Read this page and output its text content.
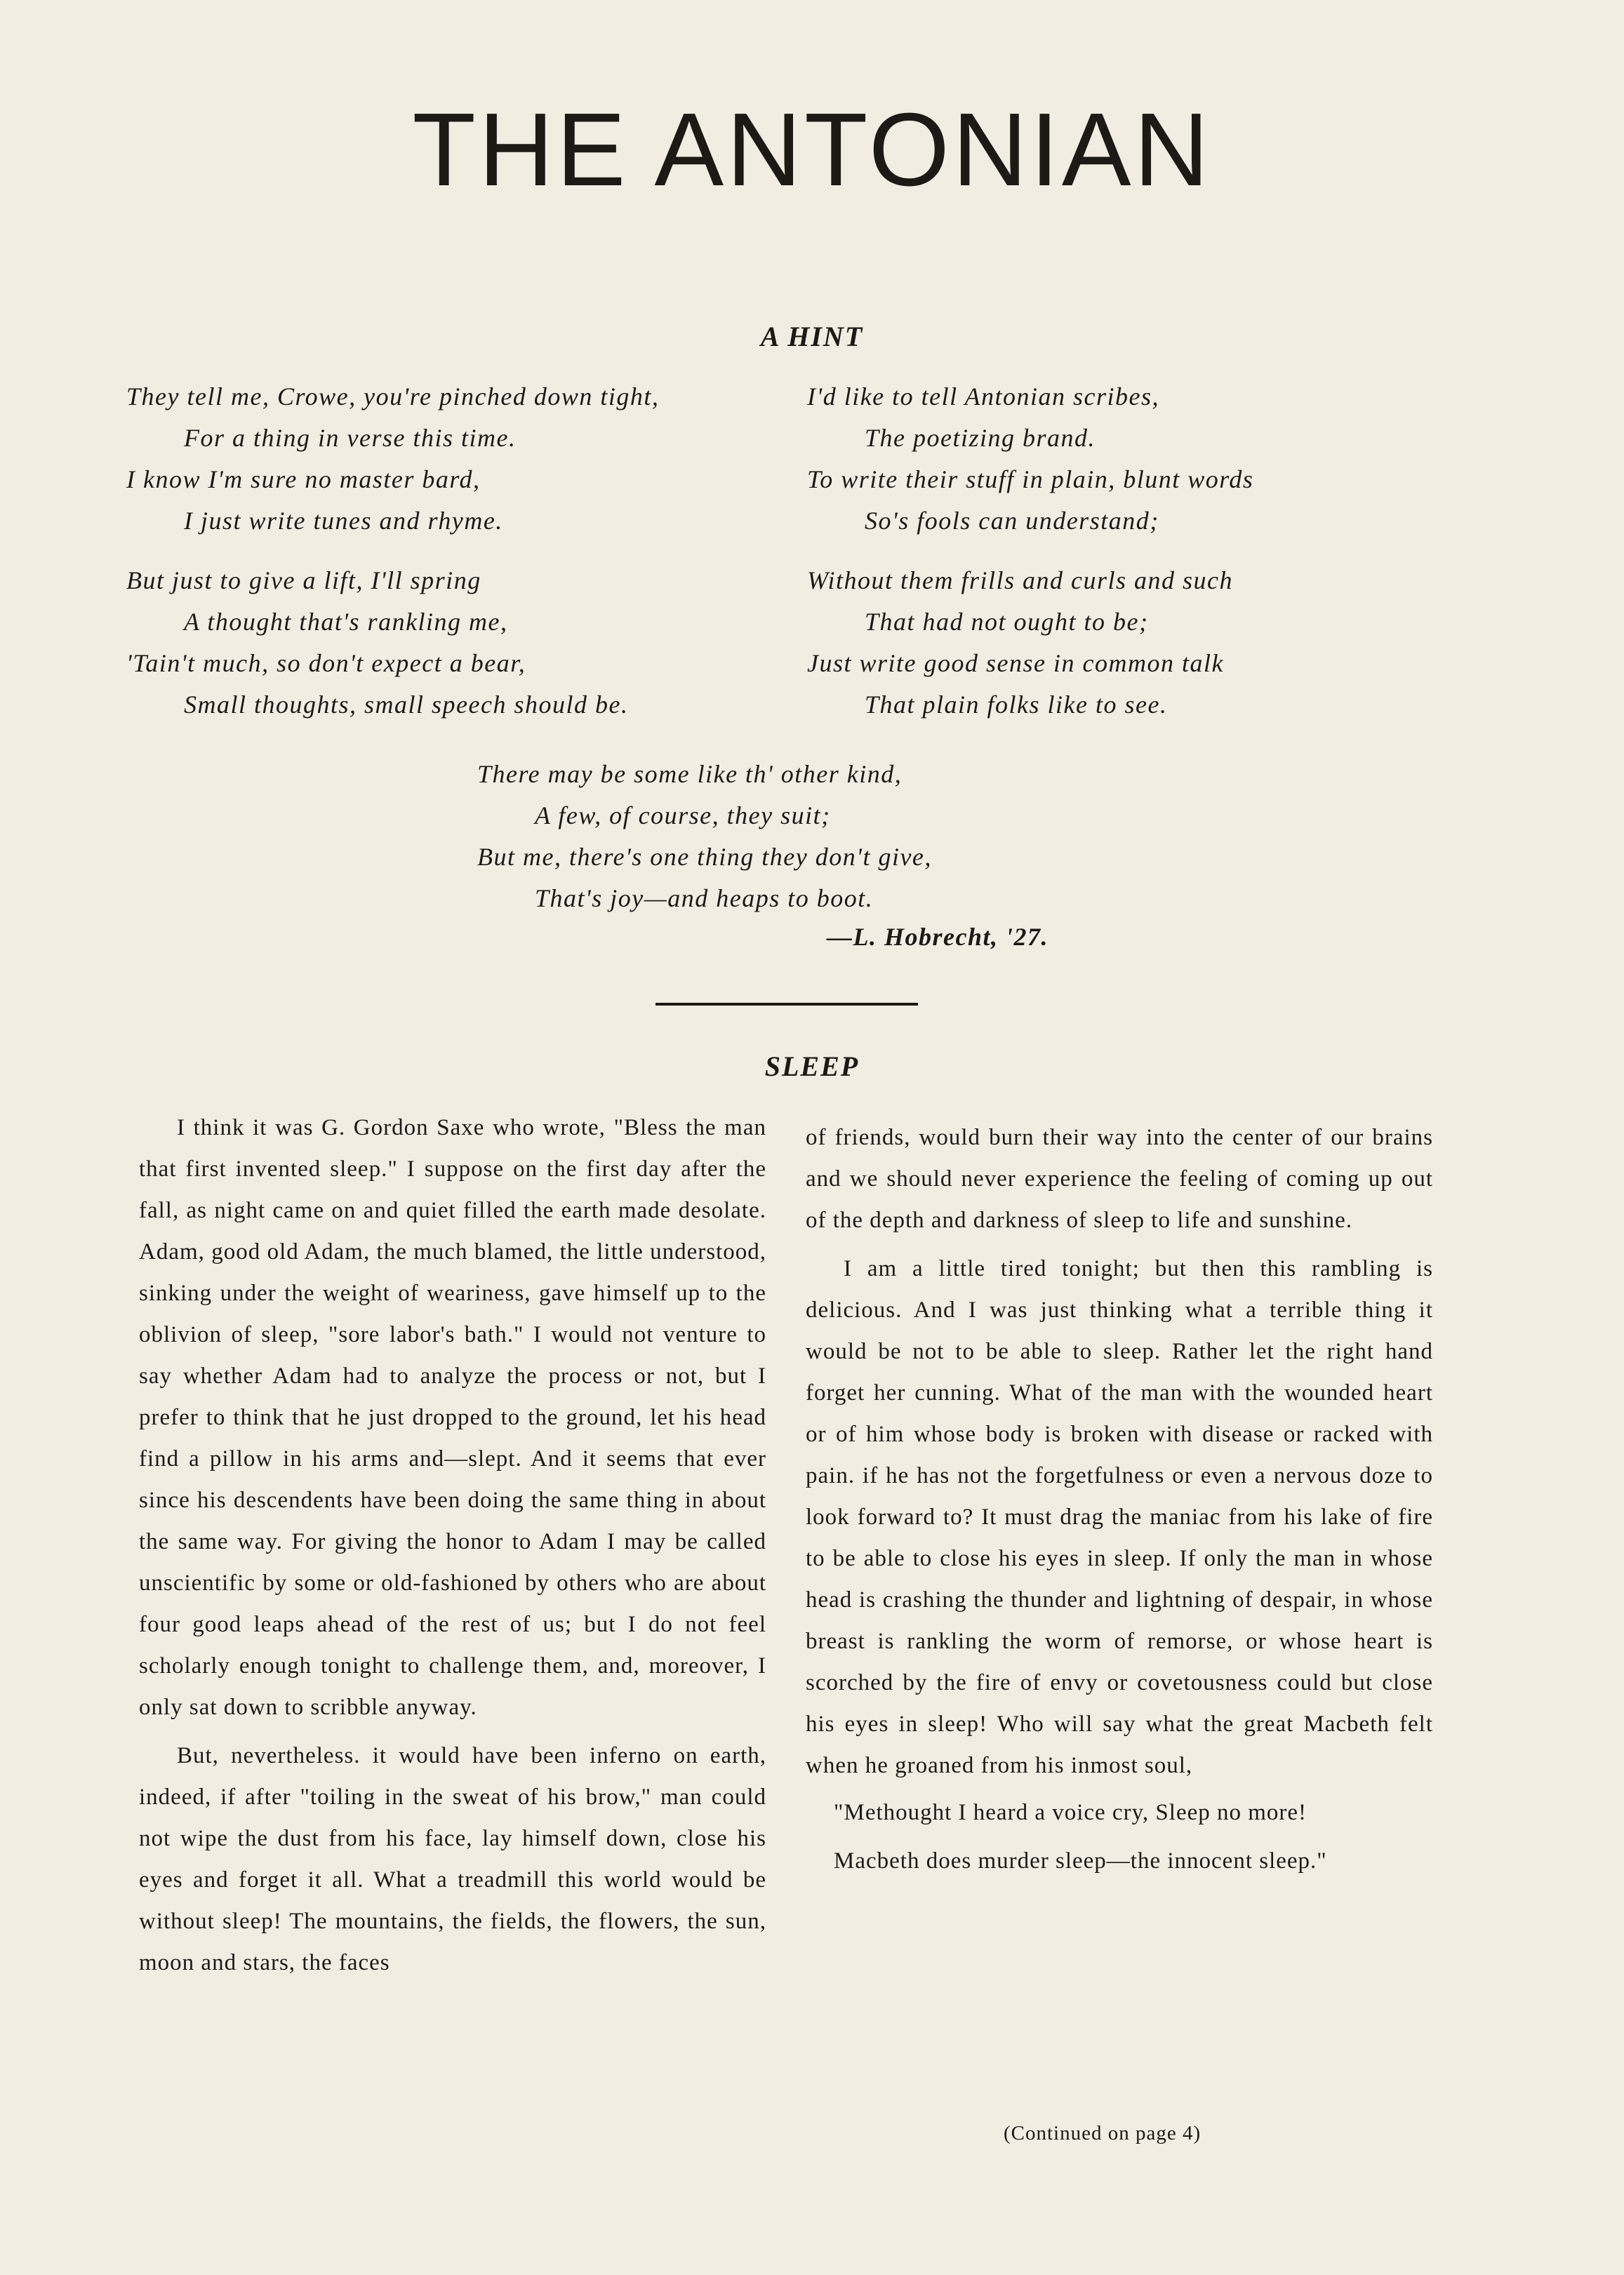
THE ANTONIAN
A HINT
They tell me, Crowe, you're pinched down tight,
For a thing in verse this time.
I know I'm sure no master bard,
I just write tunes and rhyme.
But just to give a lift, I'll spring
A thought that's rankling me,
'Tain't much, so don't expect a bear,
Small thoughts, small speech should be.
I'd like to tell Antonian scribes,
The poetizing brand.
To write their stuff in plain, blunt words
So's fools can understand;
Without them frills and curls and such
That had not ought to be;
Just write good sense in common talk
That plain folks like to see.
There may be some like th' other kind,
A few, of course, they suit;
But me, there's one thing they don't give,
That's joy—and heaps to boot.
—L. Hobrecht, '27.
SLEEP

I think it was G. Gordon Saxe who wrote, "Bless the man that first invented sleep." I suppose on the first day after the fall, as night came on and quiet filled the earth made desolate. Adam, good old Adam, the much blamed, the little understood, sinking under the weight of weariness, gave himself up to the oblivion of sleep, "sore labor's bath." I would not venture to say whether Adam had to analyze the process or not, but I prefer to think that he just dropped to the ground, let his head find a pillow in his arms and—slept. And it seems that ever since his descendents have been doing the same thing in about the same way. For giving the honor to Adam I may be called unscientific by some or old-fashioned by others who are about four good leaps ahead of the rest of us; but I do not feel scholarly enough tonight to challenge them, and, moreover, I only sat down to scribble anyway.

But, nevertheless. it would have been inferno on earth, indeed, if after "toiling in the sweat of his brow," man could not wipe the dust from his face, lay himself down, close his eyes and forget it all. What a treadmill this world would be without sleep! The mountains, the fields, the flowers, the sun, moon and stars, the faces

of friends, would burn their way into the center of our brains and we should never experience the feeling of coming up out of the depth and darkness of sleep to life and sunshine.

I am a little tired tonight; but then this rambling is delicious. And I was just thinking what a terrible thing it would be not to be able to sleep. Rather let the right hand forget her cunning. What of the man with the wounded heart or of him whose body is broken with disease or racked with pain. if he has not the forgetfulness or even a nervous doze to look forward to? It must drag the maniac from his lake of fire to be able to close his eyes in sleep. If only the man in whose head is crashing the thunder and lightning of despair, in whose breast is rankling the worm of remorse, or whose heart is scorched by the fire of envy or covetousness could but close his eyes in sleep! Who will say what the great Macbeth felt when he groaned from his inmost soul,

"Methought I heard a voice cry, Sleep no more!

Macbeth does murder sleep—the innocent sleep."

(Continued on page 4)
